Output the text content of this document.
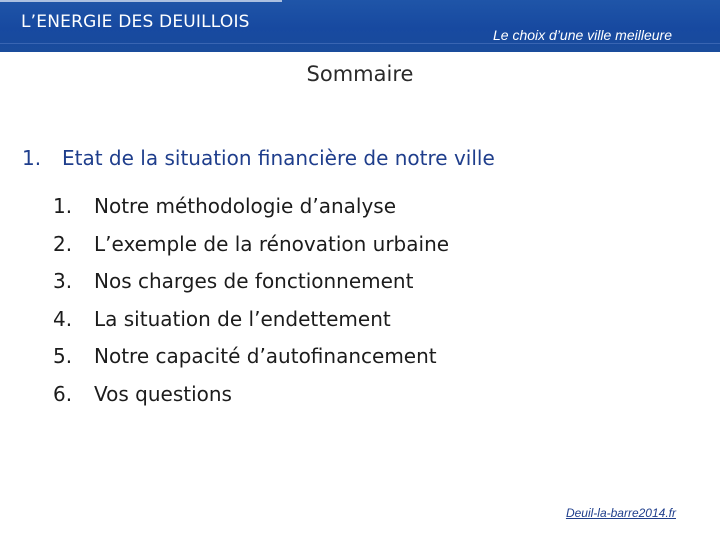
L’ENERGIE DES DEUILLOIS
Le choix d’une ville meilleure
Sommaire
1. Etat de la situation financière de notre ville
1. Notre méthodologie d’analyse
2. L’exemple de la rénovation urbaine
3. Nos charges de fonctionnement
4. La situation de l’endettement
5. Notre capacité d’autofinancement
6. Vos questions
Deuil-la-barre2014.fr
